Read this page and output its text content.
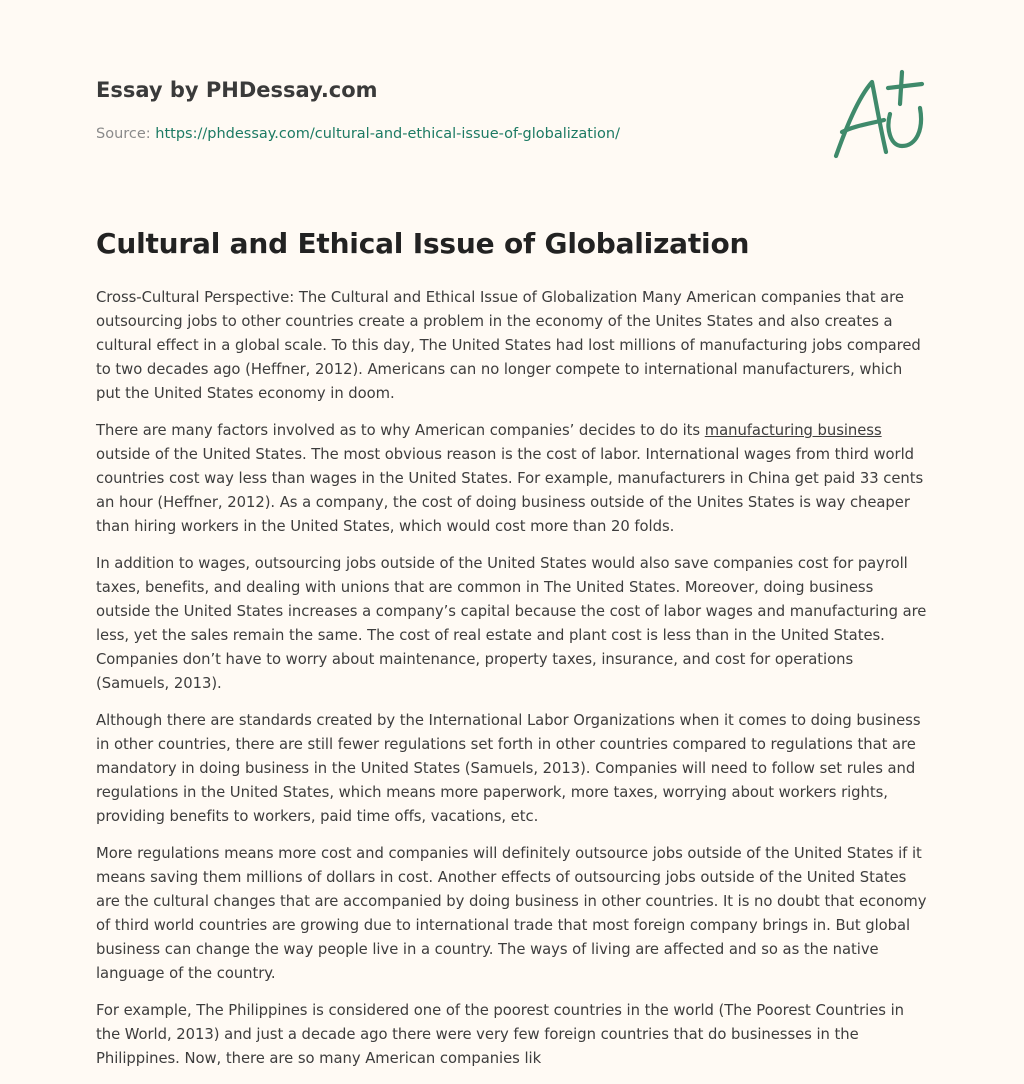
Essay by PHDessay.com
Source: https://phdessay.com/cultural-and-ethical-issue-of-globalization/
Cultural and Ethical Issue of Globalization

Cross-Cultural Perspective: The Cultural and Ethical Issue of Globalization Many American companies that are outsourcing jobs to other countries create a problem in the economy of the Unites States and also creates a cultural effect in a global scale. To this day, The United States had lost millions of manufacturing jobs compared to two decades ago (Heffner, 2012). Americans can no longer compete to international manufacturers, which put the United States economy in doom.

There are many factors involved as to why American companies’ decides to do its manufacturing business outside of the United States. The most obvious reason is the cost of labor. International wages from third world countries cost way less than wages in the United States. For example, manufacturers in China get paid 33 cents an hour (Heffner, 2012). As a company, the cost of doing business outside of the Unites States is way cheaper than hiring workers in the United States, which would cost more than 20 folds.

In addition to wages, outsourcing jobs outside of the United States would also save companies cost for payroll taxes, benefits, and dealing with unions that are common in The United States. Moreover, doing business outside the United States increases a company’s capital because the cost of labor wages and manufacturing are less, yet the sales remain the same. The cost of real estate and plant cost is less than in the United States. Companies don’t have to worry about maintenance, property taxes, insurance, and cost for operations (Samuels, 2013).

Although there are standards created by the International Labor Organizations when it comes to doing business in other countries, there are still fewer regulations set forth in other countries compared to regulations that are mandatory in doing business in the United States (Samuels, 2013). Companies will need to follow set rules and regulations in the United States, which means more paperwork, more taxes, worrying about workers rights, providing benefits to workers, paid time offs, vacations, etc.

More regulations means more cost and companies will definitely outsource jobs outside of the United States if it means saving them millions of dollars in cost. Another effects of outsourcing jobs outside of the United States are the cultural changes that are accompanied by doing business in other countries. It is no doubt that economy of third world countries are growing due to international trade that most foreign company brings in. But global business can change the way people live in a country. The ways of living are affected and so as the native language of the country.

For example, The Philippines is considered one of the poorest countries in the world (The Poorest Countries in the World, 2013) and just a decade ago there were very few foreign countries that do businesses in the Philippines. Now, there are so many American companies lik
